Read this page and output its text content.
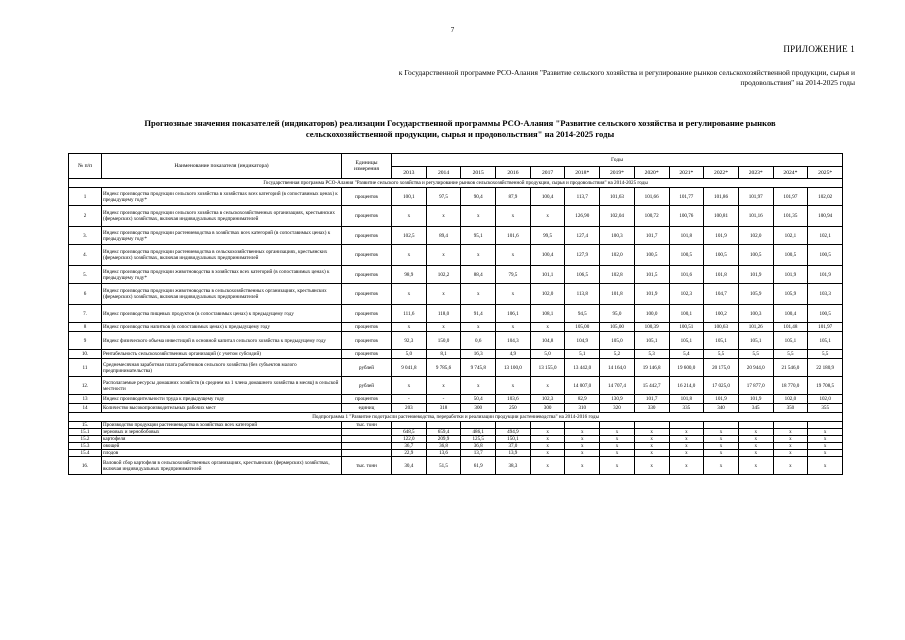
7
ПРИЛОЖЕНИЕ 1
к Государственной программе РСО-Алания "Развитие сельского хозяйства и регулирование рынков сельскохозяйственной продукции, сырья и продовольствия" на 2014-2025 годы
Прогнозные значения показателей (индикаторов) реализации Государственной программы РСО-Алания "Развитие сельского хозяйства и регулирование рынков сельскохозяйственной продукции, сырья и продовольствия" на 2014-2025 годы
№ п/п	Наименование показателя (индикатора)	Единицы измерения	Годы												
			2013	2014	2015	2016	2017	2018*	2019*	2020*	2021*	2022*	2023*	2024*	2025*
Государственная программа РСО-Алания "Развитие сельского хозяйства и регулирование рынков сельскохозяйственной продукции, сырья и продовольствия" на 2014-2025 годы															
1	Индекс производства продукции сельского хозяйства в хозяйствах всех категорий (в сопоставимых ценах) к предыдущему году*	процентов	100,1	97,5	90,4	87,9	100,4	113,7	101,63	101,66	101,77	101,86	101,97	101,97	102,02
2	Индекс производства продукции сельского хозяйства в сельскохозяйственных организациях, крестьянских (фермерских) хозяйствах, включая индивидуальных предпринимателей	процентов	x	x	x	x	x	126,90	102,04	100,72	100,76	100,81	101,16	101,35	100,94
3.	Индекс производства продукции растениеводства в хозяйствах всех категорий (в сопоставимых ценах) к предыдущему году*	процентов	102,5	89,4	95,1	101,6	99,5	127,4	100,3	101,7	101,8	101,9	102,0	102,1	102,1
4.	Индекс производства продукции растениеводства в сельскохозяйственных организациях, крестьянских (фермерских) хозяйствах, включая индивидуальных предпринимателей	процентов	x	x	x	x	100,4	127,9	102,0	100,5	100,5	100,5	100,5	100,5	100,5
5.	Индекс производства продукции животноводства в хозяйствах всех категорий (в сопоставимых ценах) к предыдущему году*	процентов	98,9	102,2	88,4	79,5	101,1	106,5	102,8	101,5	101,6	101,8	101,9	101,9	101,9
6	Индекс производства продукции животноводства в сельскохозяйственных организациях, крестьянских (фермерских) хозяйствах, включая индивидуальных предпринимателей	процентов	x	x	x	x	102,0	113,8	101,8	101,9	102,3	104,7	105,9	105,9	103,3
7.	Индекс производства пищевых продуктов (в сопоставимых ценах) к предыдущему году	процентов	111,6	118,0	91,4	106,1	108,1	94,5	95,0	100,0	100,1	100,2	100,3	100,4	100,5
8	Индекс производства напитков (в сопоставимых ценах) к предыдущему году	процентов	x	x	x	x	x	105,00	105,00	100,39	100,51	100,63	101,26	101,48	101,97
9	Индекс физического объема инвестиций в основной капитал сельского хозяйства к предыдущему году	процентов	92,3	150,0	0,6	104,3	104,8	104,9	105,0	105,1	105,1	105,1	105,1	105,1	105,1
10.	Рентабельность сельскохозяйственных организаций (с учетом субсидий)	процентов	5,0	8,1	16,3	4,9	5,0	5,1	5,2	5,3	5,4	5,5	5,5	5,5	5,5
11	Среднемесячная заработная плата работников сельского хозяйства (без субъектов малого предпринимательства)	рублей	9 041,8	9 785,6	9 745,8	13 100,0	13 155,0	13 442,0	14 164,0	19 146,8	19 600,0	20 175,0	20 944,0	21 546,0	22 180,9
12.	Располагаемые ресурсы домашних хозяйств (в среднем на 1 члена домашнего хозяйства в месяц) в сельской местности	рублей	x	x	x	x	x	14 007,0	14 707,4	15 442,7	16 214,0	17 025,0	17 877,0	18 770,0	19 708,5
13	Индекс производительности труда к предыдущему году	процентов	-	-	50,4	103,6	102,3	82,9	130,9	101,7	101,8	101,9	101,9	102,0	102,0
14	Количество высокопроизводительных рабочих мест	единиц	203	318	300	250	300	310	320	330	335	340	345	350	355
Подпрограмма 1 "Развитие подотрасли растениеводства, переработки и реализации продукции растениеводства" на 2014-2016 годы															
15.	Производство продукции растениеводства в хозяйствах всех категорий	тыс. тонн													
15.1	зерновых и зернобобовых		648,5	659,4	486,1	494,9	x	x	x	x	x	x	x	x	x
15.2	картофеля		122,0	209,9	125,5	150,1	x	x	x	x	x	x	x	x	x
15.3	овощей		36,7	36,8	36,8	37,0	x	x	x	x	x	x	x	x	x
15.4	плодов		22,9	13,6	13,7	13,9	x	x	x	x	x	x	x	x	x
16.	Валовой сбор картофеля в сельскохозяйственных организациях, крестьянских (фермерских) хозяйствах, включая индивидуальных предпринимателей	тыс. тонн	30,4	51,5	61,9	38,3	x	x	x	x	x	x	x	x	x
